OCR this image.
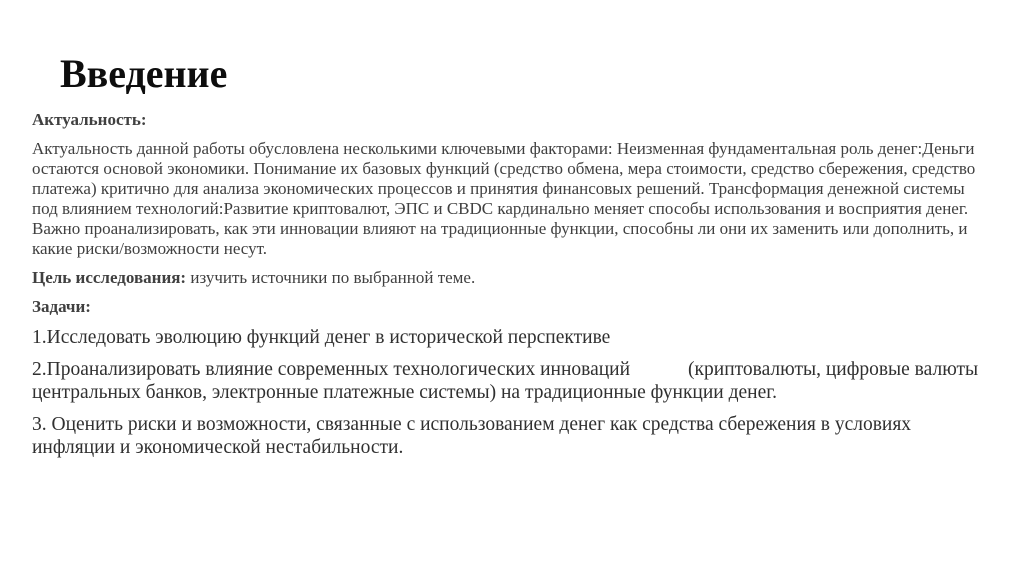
Введение

Актуальность:

Актуальность данной работы обусловлена несколькими ключевыми факторами: Неизменная фундаментальная роль денег:Деньги остаются основой экономики. Понимание их базовых функций (средство обмена, мера стоимости, средство сбережения, средство платежа) критично для анализа экономических процессов и принятия финансовых решений. Трансформация денежной системы под влиянием технологий:Развитие криптовалют, ЭПС и CBDC кардинально меняет способы использования и восприятия денег. Важно проанализировать, как эти инновации влияют на традиционные функции, способны ли они их заменить или дополнить, и какие риски/возможности несут.

Цель исследования: изучить источники по выбранной теме.

Задачи:

1.Исследовать эволюцию функций денег в исторической перспективе

2.Проанализировать влияние современных технологических инноваций	(криптовалюты, цифровые валюты центральных банков, электронные платежные системы) на традиционные функции денег.

3. Оценить риски и возможности, связанные с использованием денег как средства сбережения в условиях инфляции и экономической нестабильности.
